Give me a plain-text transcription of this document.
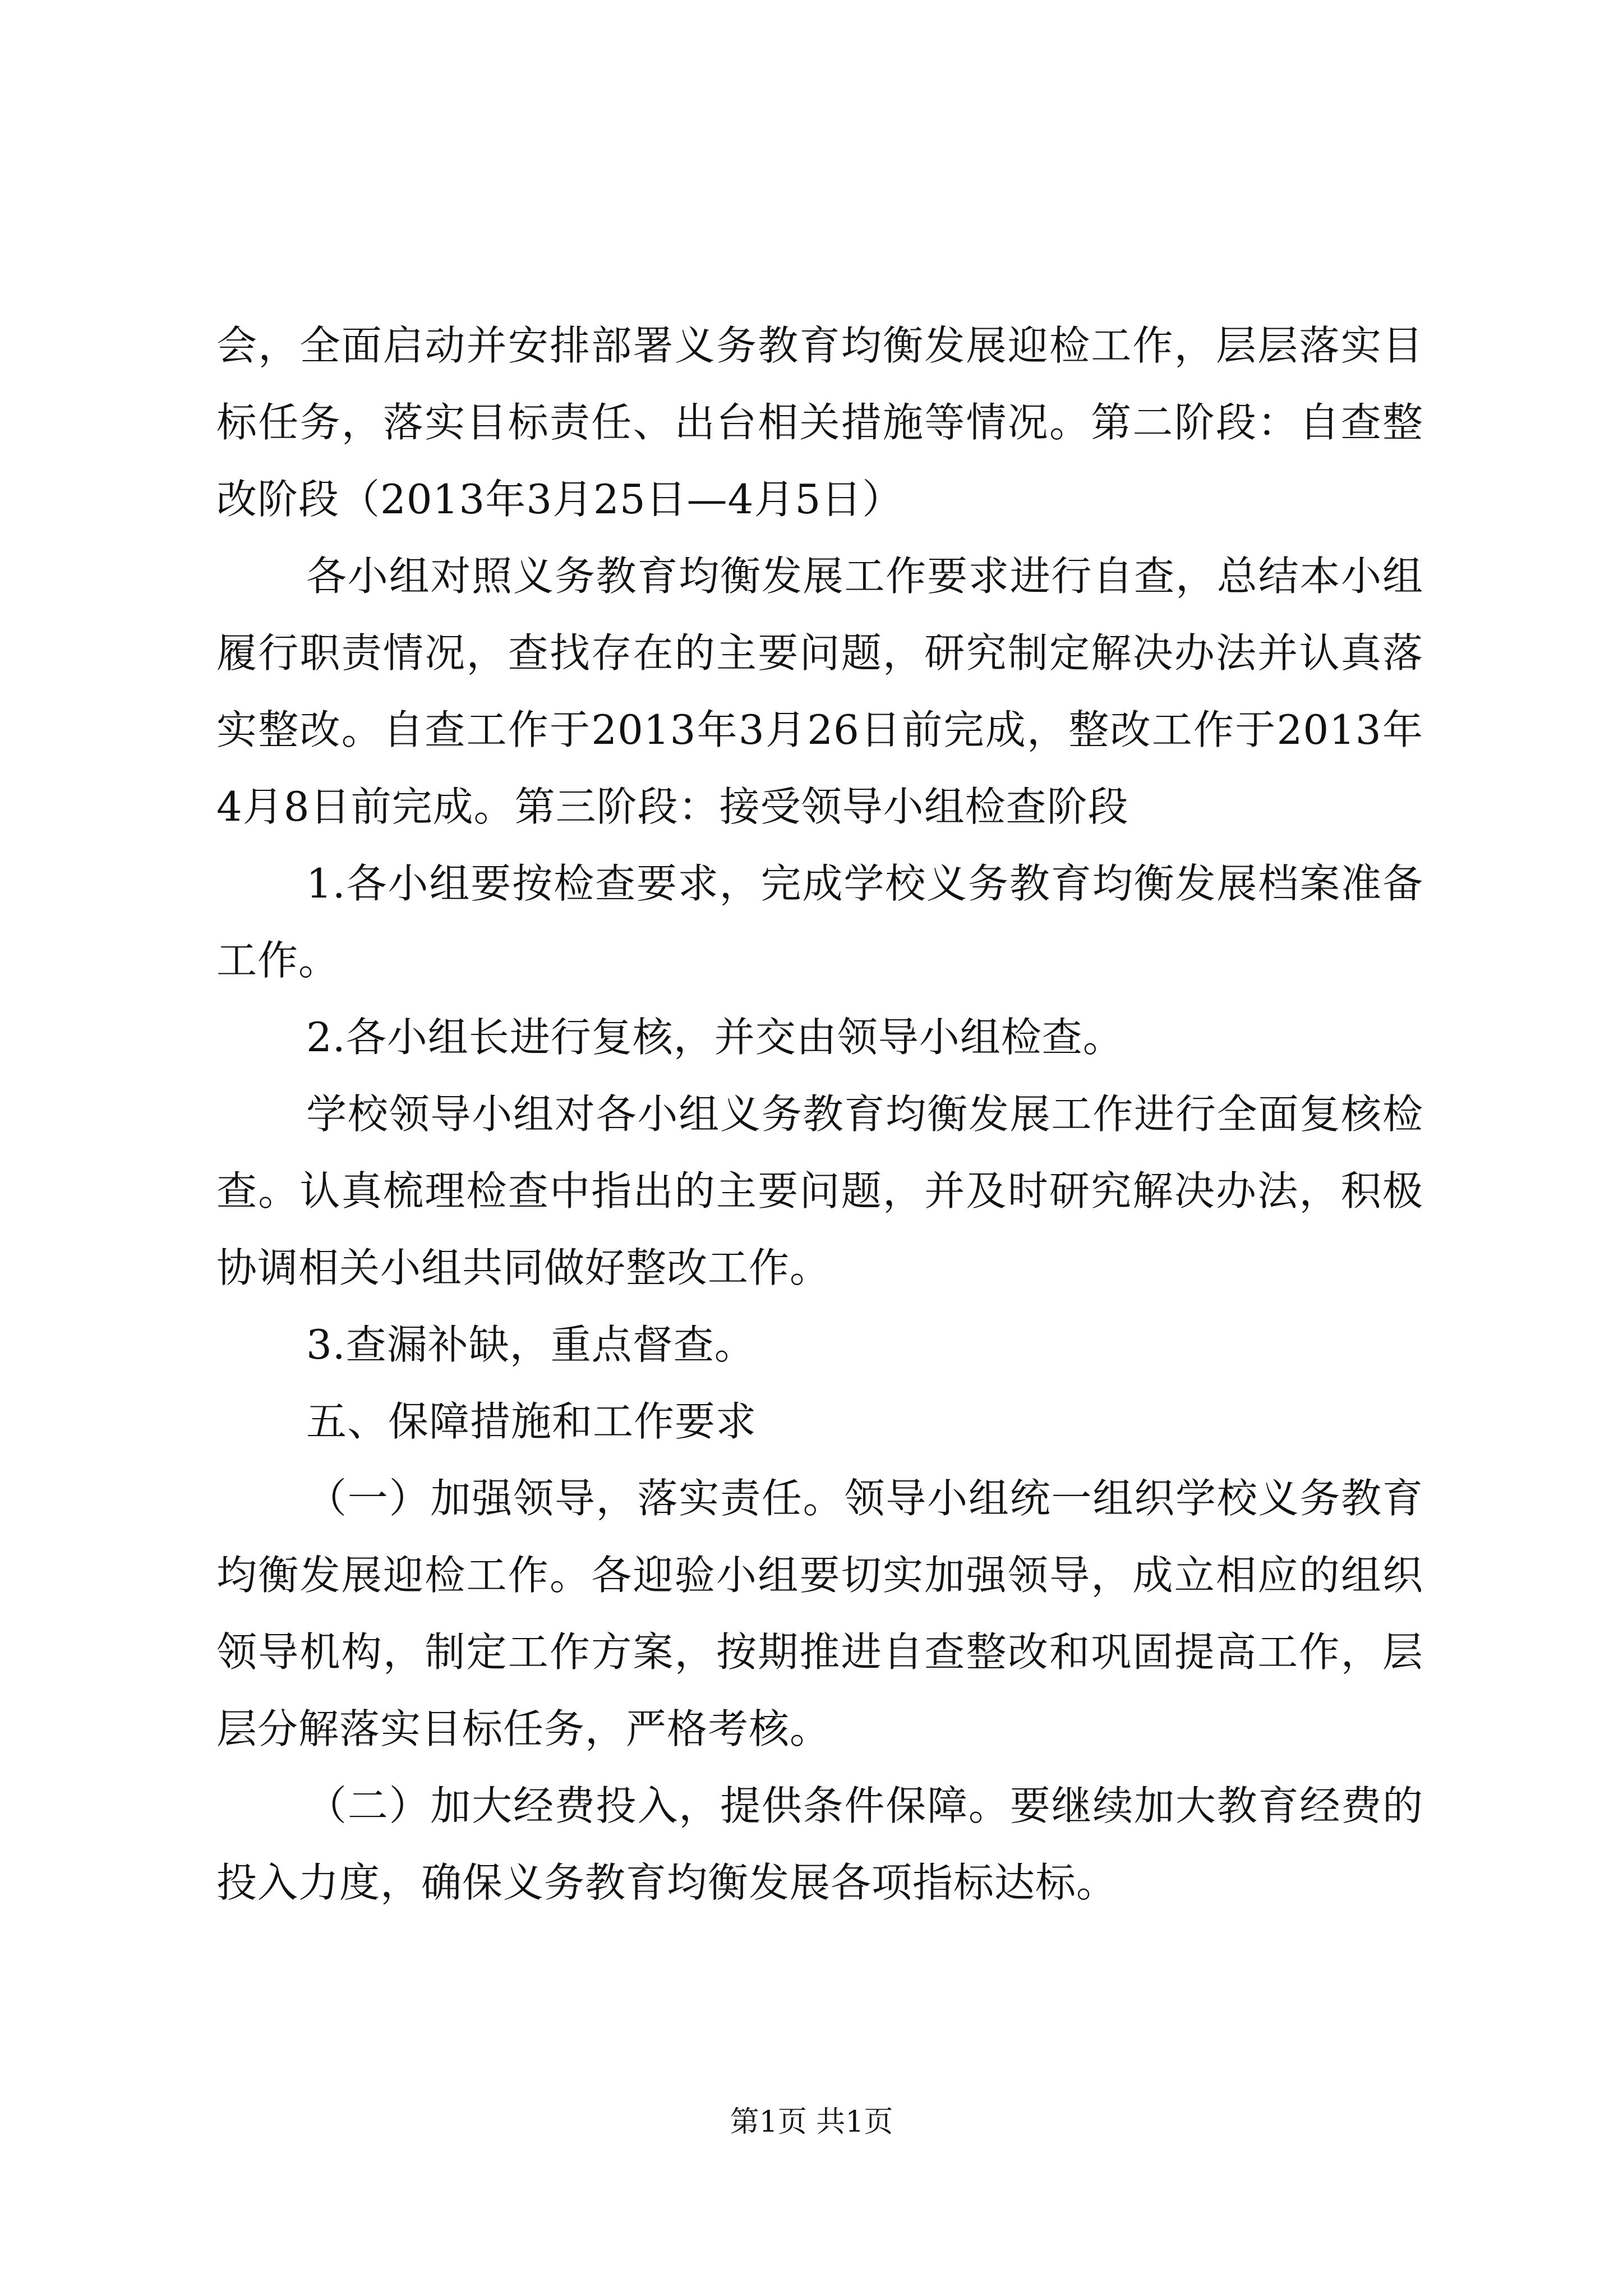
会，全面启动并安排部署义务教育均衡发展迎检工作，层层落实目标任务，落实目标责任、出台相关措施等情况。第二阶段：自查整改阶段（2013年3月25日—4月5日）

各小组对照义务教育均衡发展工作要求进行自查，总结本小组履行职责情况，查找存在的主要问题，研究制定解决办法并认真落实整改。自查工作于2013年3月26日前完成，整改工作于2013年4月8日前完成。第三阶段：接受领导小组检查阶段

1.各小组要按检查要求，完成学校义务教育均衡发展档案准备工作。

2.各小组长进行复核，并交由领导小组检查。

学校领导小组对各小组义务教育均衡发展工作进行全面复核检查。认真梳理检查中指出的主要问题，并及时研究解决办法，积极协调相关小组共同做好整改工作。

3.查漏补缺，重点督查。

五、保障措施和工作要求

（一）加强领导，落实责任。领导小组统一组织学校义务教育均衡发展迎检工作。各迎验小组要切实加强领导，成立相应的组织领导机构，制定工作方案，按期推进自查整改和巩固提高工作，层层分解落实目标任务，严格考核。

（二）加大经费投入，提供条件保障。要继续加大教育经费的投入力度，确保义务教育均衡发展各项指标达标。

第1页 共1页
